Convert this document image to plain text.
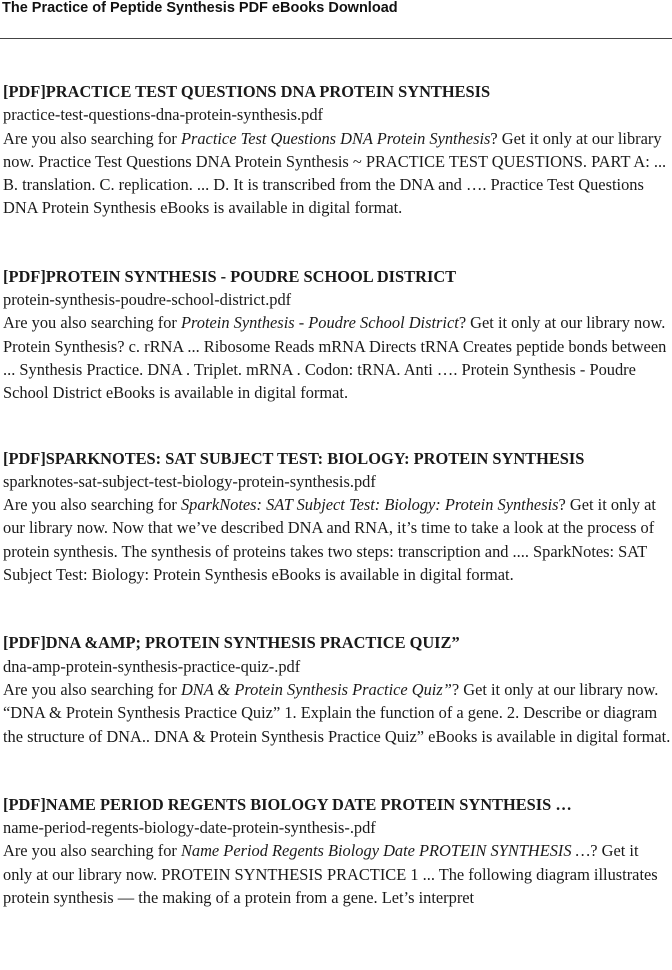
The Practice of Peptide Synthesis PDF eBooks Download
[PDF]PRACTICE TEST QUESTIONS DNA PROTEIN SYNTHESIS
practice-test-questions-dna-protein-synthesis.pdf
Are you also searching for Practice Test Questions DNA Protein Synthesis? Get it only at our library now. Practice Test Questions DNA Protein Synthesis ~ PRACTICE TEST QUESTIONS. PART A: ... B. translation. C. replication. ... D. It is transcribed from the DNA and …. Practice Test Questions DNA Protein Synthesis eBooks is available in digital format.
[PDF]PROTEIN SYNTHESIS - POUDRE SCHOOL DISTRICT
protein-synthesis-poudre-school-district.pdf
Are you also searching for Protein Synthesis - Poudre School District? Get it only at our library now. Protein Synthesis? c. rRNA ... Ribosome Reads mRNA Directs tRNA Creates peptide bonds between ... Synthesis Practice. DNA . Triplet. mRNA . Codon: tRNA. Anti …. Protein Synthesis - Poudre School District eBooks is available in digital format.
[PDF]SPARKNOTES: SAT SUBJECT TEST: BIOLOGY: PROTEIN SYNTHESIS
sparknotes-sat-subject-test-biology-protein-synthesis.pdf
Are you also searching for SparkNotes: SAT Subject Test: Biology: Protein Synthesis? Get it only at our library now. Now that we’ve described DNA and RNA, it’s time to take a look at the process of protein synthesis. The synthesis of proteins takes two steps: transcription and .... SparkNotes: SAT Subject Test: Biology: Protein Synthesis eBooks is available in digital format.
[PDF]DNA &AMP; PROTEIN SYNTHESIS PRACTICE QUIZ”
dna-amp-protein-synthesis-practice-quiz-.pdf
Are you also searching for DNA & Protein Synthesis Practice Quiz”? Get it only at our library now. “DNA & Protein Synthesis Practice Quiz” 1. Explain the function of a gene. 2. Describe or diagram the structure of DNA.. DNA & Protein Synthesis Practice Quiz” eBooks is available in digital format.
[PDF]NAME PERIOD REGENTS BIOLOGY DATE PROTEIN SYNTHESIS …
name-period-regents-biology-date-protein-synthesis-.pdf
Are you also searching for Name Period Regents Biology Date PROTEIN SYNTHESIS …? Get it only at our library now. PROTEIN SYNTHESIS PRACTICE 1 ... The following diagram illustrates protein synthesis — the making of a protein from a gene. Let’s interpret
